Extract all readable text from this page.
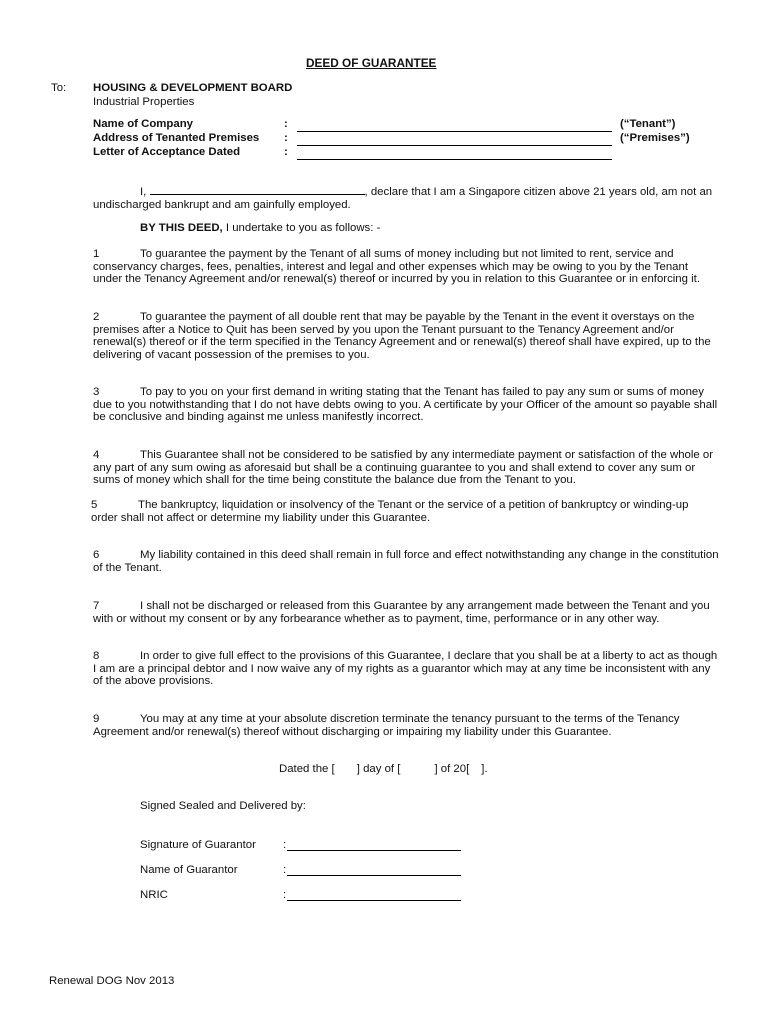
DEED OF GUARANTEE
To: HOUSING & DEVELOPMENT BOARD
Industrial Properties
Name of Company	:	(“Tenant”)
Address of Tenanted Premises :	(“Premises”)
Letter of Acceptance Dated	:
I,	, declare that I am a Singapore citizen above 21 years old, am not an undischarged bankrupt and am gainfully employed.
BY THIS DEED, I undertake to you as follows: -
1	To guarantee the payment by the Tenant of all sums of money including but not limited to rent, service and conservancy charges, fees, penalties, interest and legal and other expenses which may be owing to you by the Tenant under the Tenancy Agreement and/or renewal(s) thereof or incurred by you in relation to this Guarantee or in enforcing it.
2	To guarantee the payment of all double rent that may be payable by the Tenant in the event it overstays on the premises after a Notice to Quit has been served by you upon the Tenant pursuant to the Tenancy Agreement and/or renewal(s) thereof or if the term specified in the Tenancy Agreement and or renewal(s) thereof shall have expired, up to the delivering of vacant possession of the premises to you.
3	To pay to you on your first demand in writing stating that the Tenant has failed to pay any sum or sums of money due to you notwithstanding that I do not have debts owing to you. A certificate by your Officer of the amount so payable shall be conclusive and binding against me unless manifestly incorrect.
4	This Guarantee shall not be considered to be satisfied by any intermediate payment or satisfaction of the whole or any part of any sum owing as aforesaid but shall be a continuing guarantee to you and shall extend to cover any sum or sums of money which shall for the time being constitute the balance due from the Tenant to you.
5	The bankruptcy, liquidation or insolvency of the Tenant or the service of a petition of bankruptcy or winding-up order shall not affect or determine my liability under this Guarantee.
6	My liability contained in this deed shall remain in full force and effect notwithstanding any change in the constitution of the Tenant.
7	I shall not be discharged or released from this Guarantee by any arrangement made between the Tenant and you with or without my consent or by any forbearance whether as to payment, time, performance or in any other way.
8	In order to give full effect to the provisions of this Guarantee, I declare that you shall be at a liberty to act as though I am are a principal debtor and I now waive any of my rights as a guarantor which may at any time be inconsistent with any of the above provisions.
9	You may at any time at your absolute discretion terminate the tenancy pursuant to the terms of the Tenancy Agreement and/or renewal(s) thereof without discharging or impairing my liability under this Guarantee.
Dated the [ ] day of [	] of 20[ ].
Signed Sealed and Delivered by:
Signature of Guarantor :
Name of Guarantor	:
NRIC	:
Renewal DOG Nov 2013
